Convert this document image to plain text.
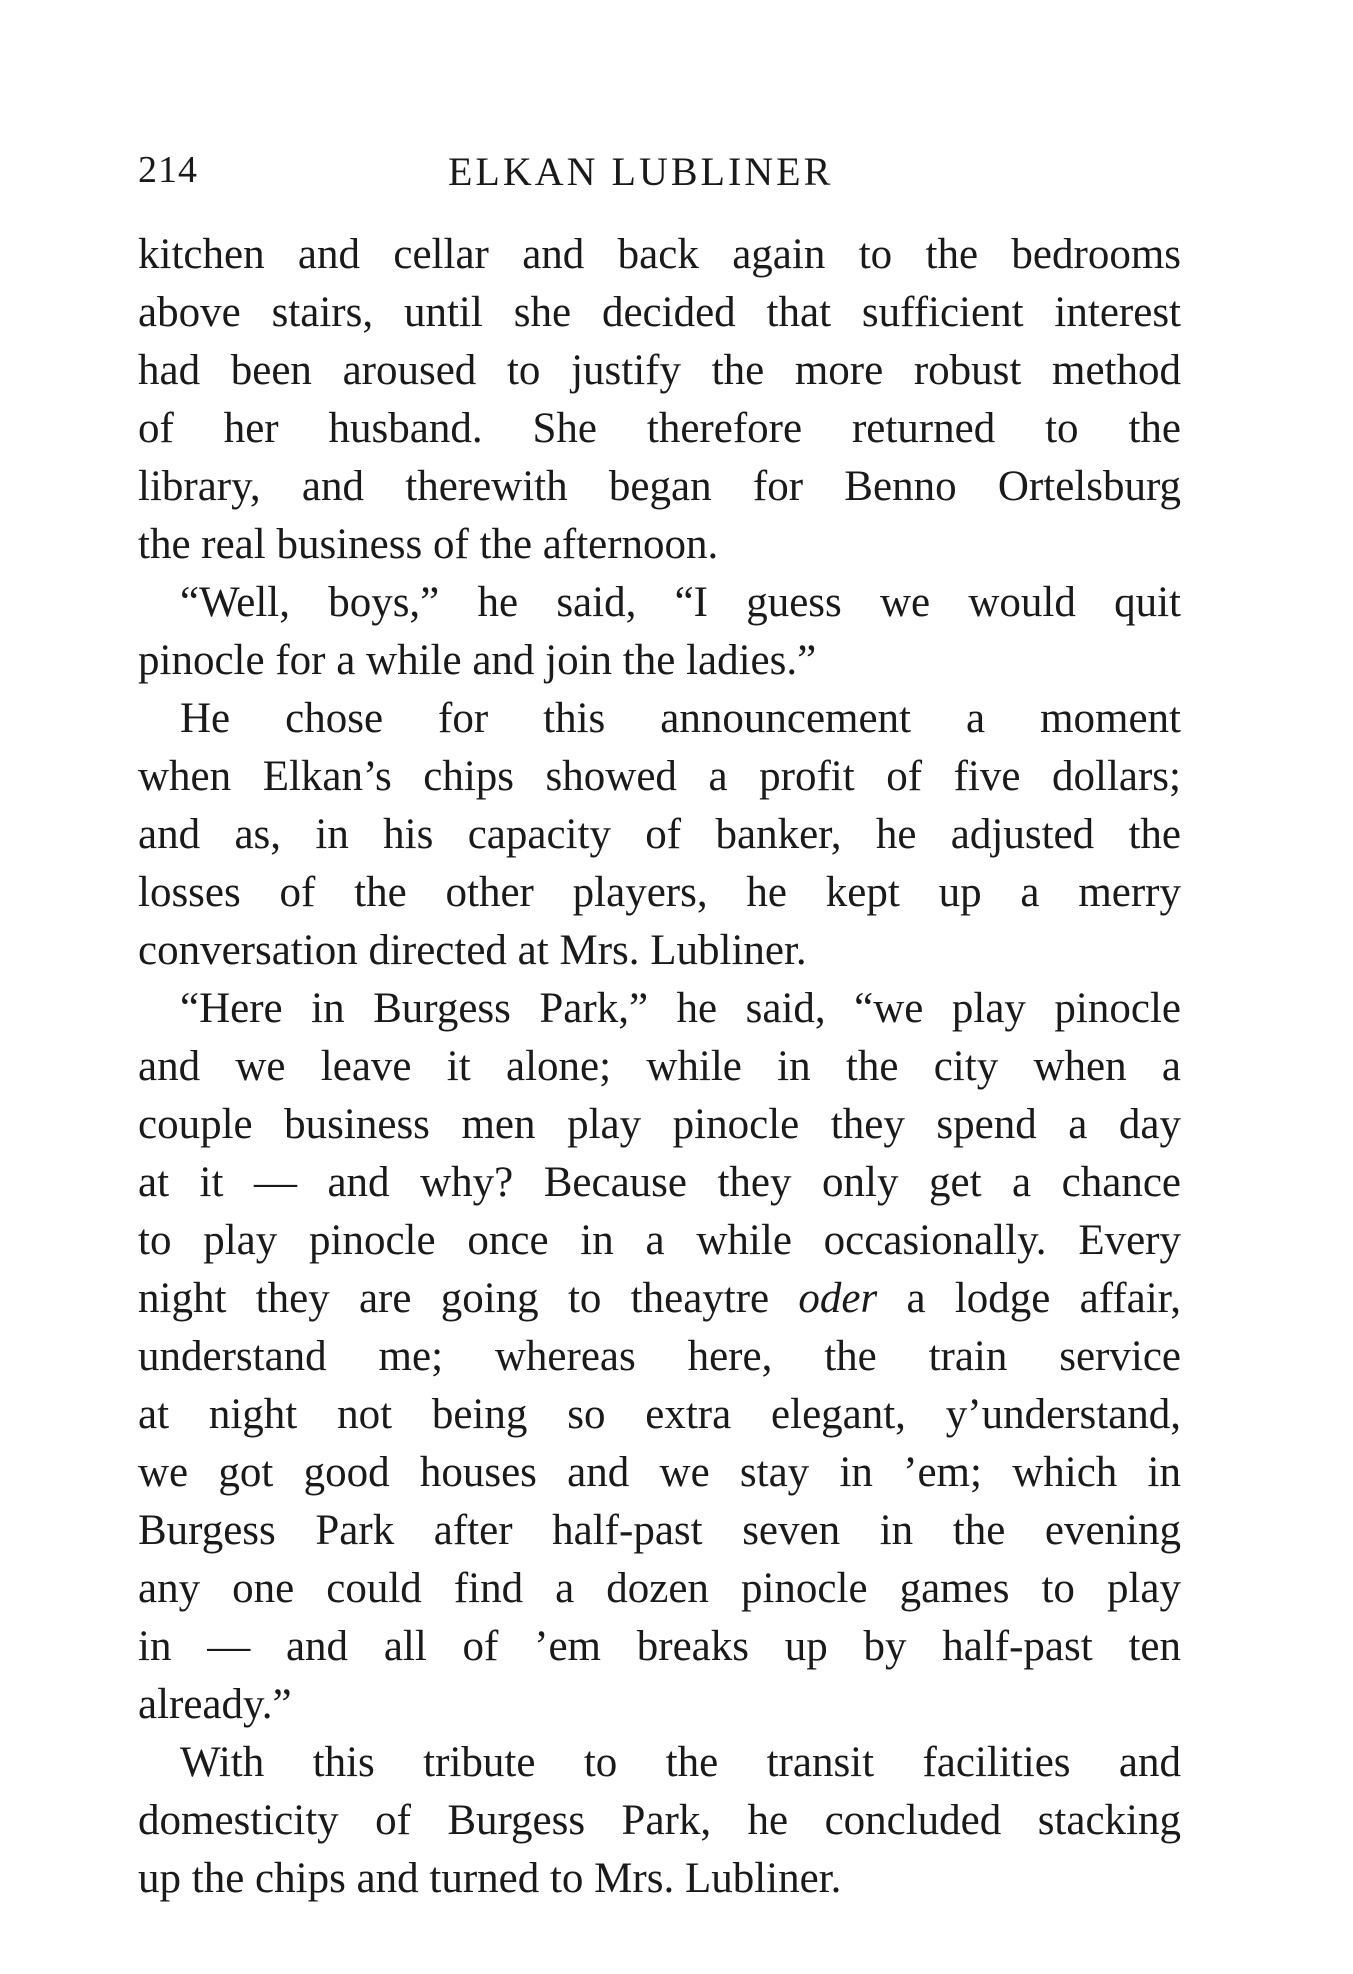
214	ELKAN LUBLINER
kitchen and cellar and back again to the bedrooms
above stairs, until she decided that sufficient interest
had been aroused to justify the more robust method
of her husband. She therefore returned to the
library, and therewith began for Benno Ortelsburg
the real business of the afternoon.
“Well, boys,” he said, “I guess we would quit
pinocle for a while and join the ladies.”
He chose for this announcement a moment
when Elkan’s chips showed a profit of five dollars;
and as, in his capacity of banker, he adjusted the
losses of the other players, he kept up a merry
conversation directed at Mrs. Lubliner.
“Here in Burgess Park,” he said, “we play pinocle
and we leave it alone; while in the city when a
couple business men play pinocle they spend a day
at it — and why? Because they only get a chance
to play pinocle once in a while occasionally. Every
night they are going to theaytre oder a lodge affair,
understand me; whereas here, the train service
at night not being so extra elegant, y’understand,
we got good houses and we stay in ’em; which in
Burgess Park after half-past seven in the evening
any one could find a dozen pinocle games to play
in — and all of ’em breaks up by half-past ten
already.”
With this tribute to the transit facilities and
domesticity of Burgess Park, he concluded stacking
up the chips and turned to Mrs. Lubliner.
